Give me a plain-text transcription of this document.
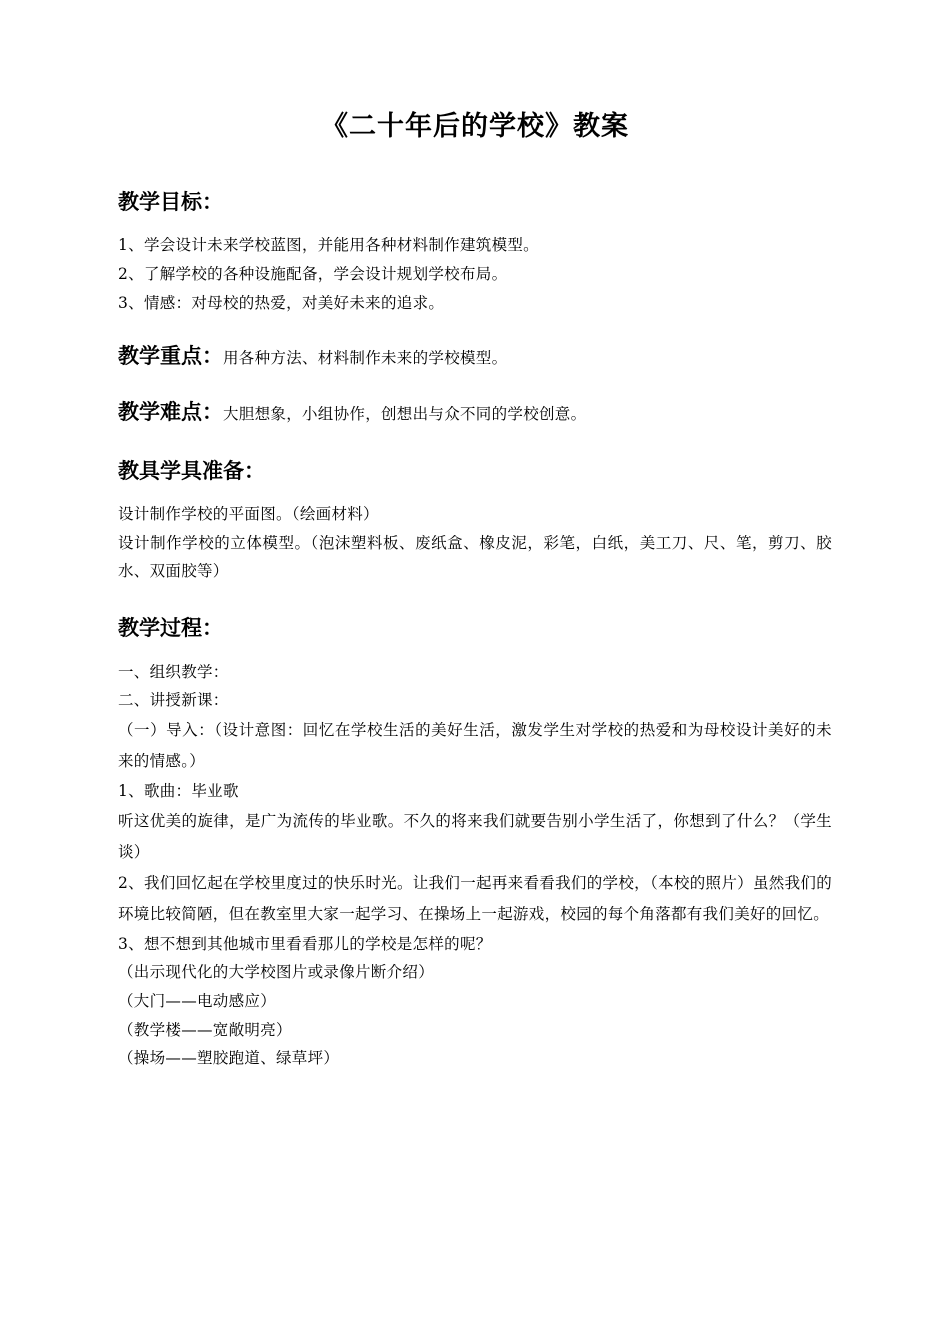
《二十年后的学校》教案
教学目标：

1、学会设计未来学校蓝图，并能用各种材料制作建筑模型。

2、了解学校的各种设施配备，学会设计规划学校布局。

3、情感：对母校的热爱，对美好未来的追求。

教学重点：用各种方法、材料制作未来的学校模型。
教学难点：大胆想象，小组协作，创想出与众不同的学校创意。
教具学具准备：

设计制作学校的平面图。（绘画材料）

设计制作学校的立体模型。（泡沫塑料板、废纸盒、橡皮泥，彩笔，白纸，美工刀、尺、笔，剪刀、胶水、双面胶等）

教学过程：

一、组织教学：

二、讲授新课：

（一）导入：（设计意图：回忆在学校生活的美好生活，激发学生对学校的热爱和为母校设计美好的未来的情感。）

1、歌曲：毕业歌

听这优美的旋律，是广为流传的毕业歌。不久的将来我们就要告别小学生活了，你想到了什么？（学生谈）

2、我们回忆起在学校里度过的快乐时光。让我们一起再来看看我们的学校，（本校的照片）虽然我们的环境比较简陋，但在教室里大家一起学习、在操场上一起游戏，校园的每个角落都有我们美好的回忆。

3、想不想到其他城市里看看那儿的学校是怎样的呢？

（出示现代化的大学校图片或录像片断介绍）

（大门——电动感应）

（教学楼——宽敞明亮）

（操场——塑胶跑道、绿草坪）
